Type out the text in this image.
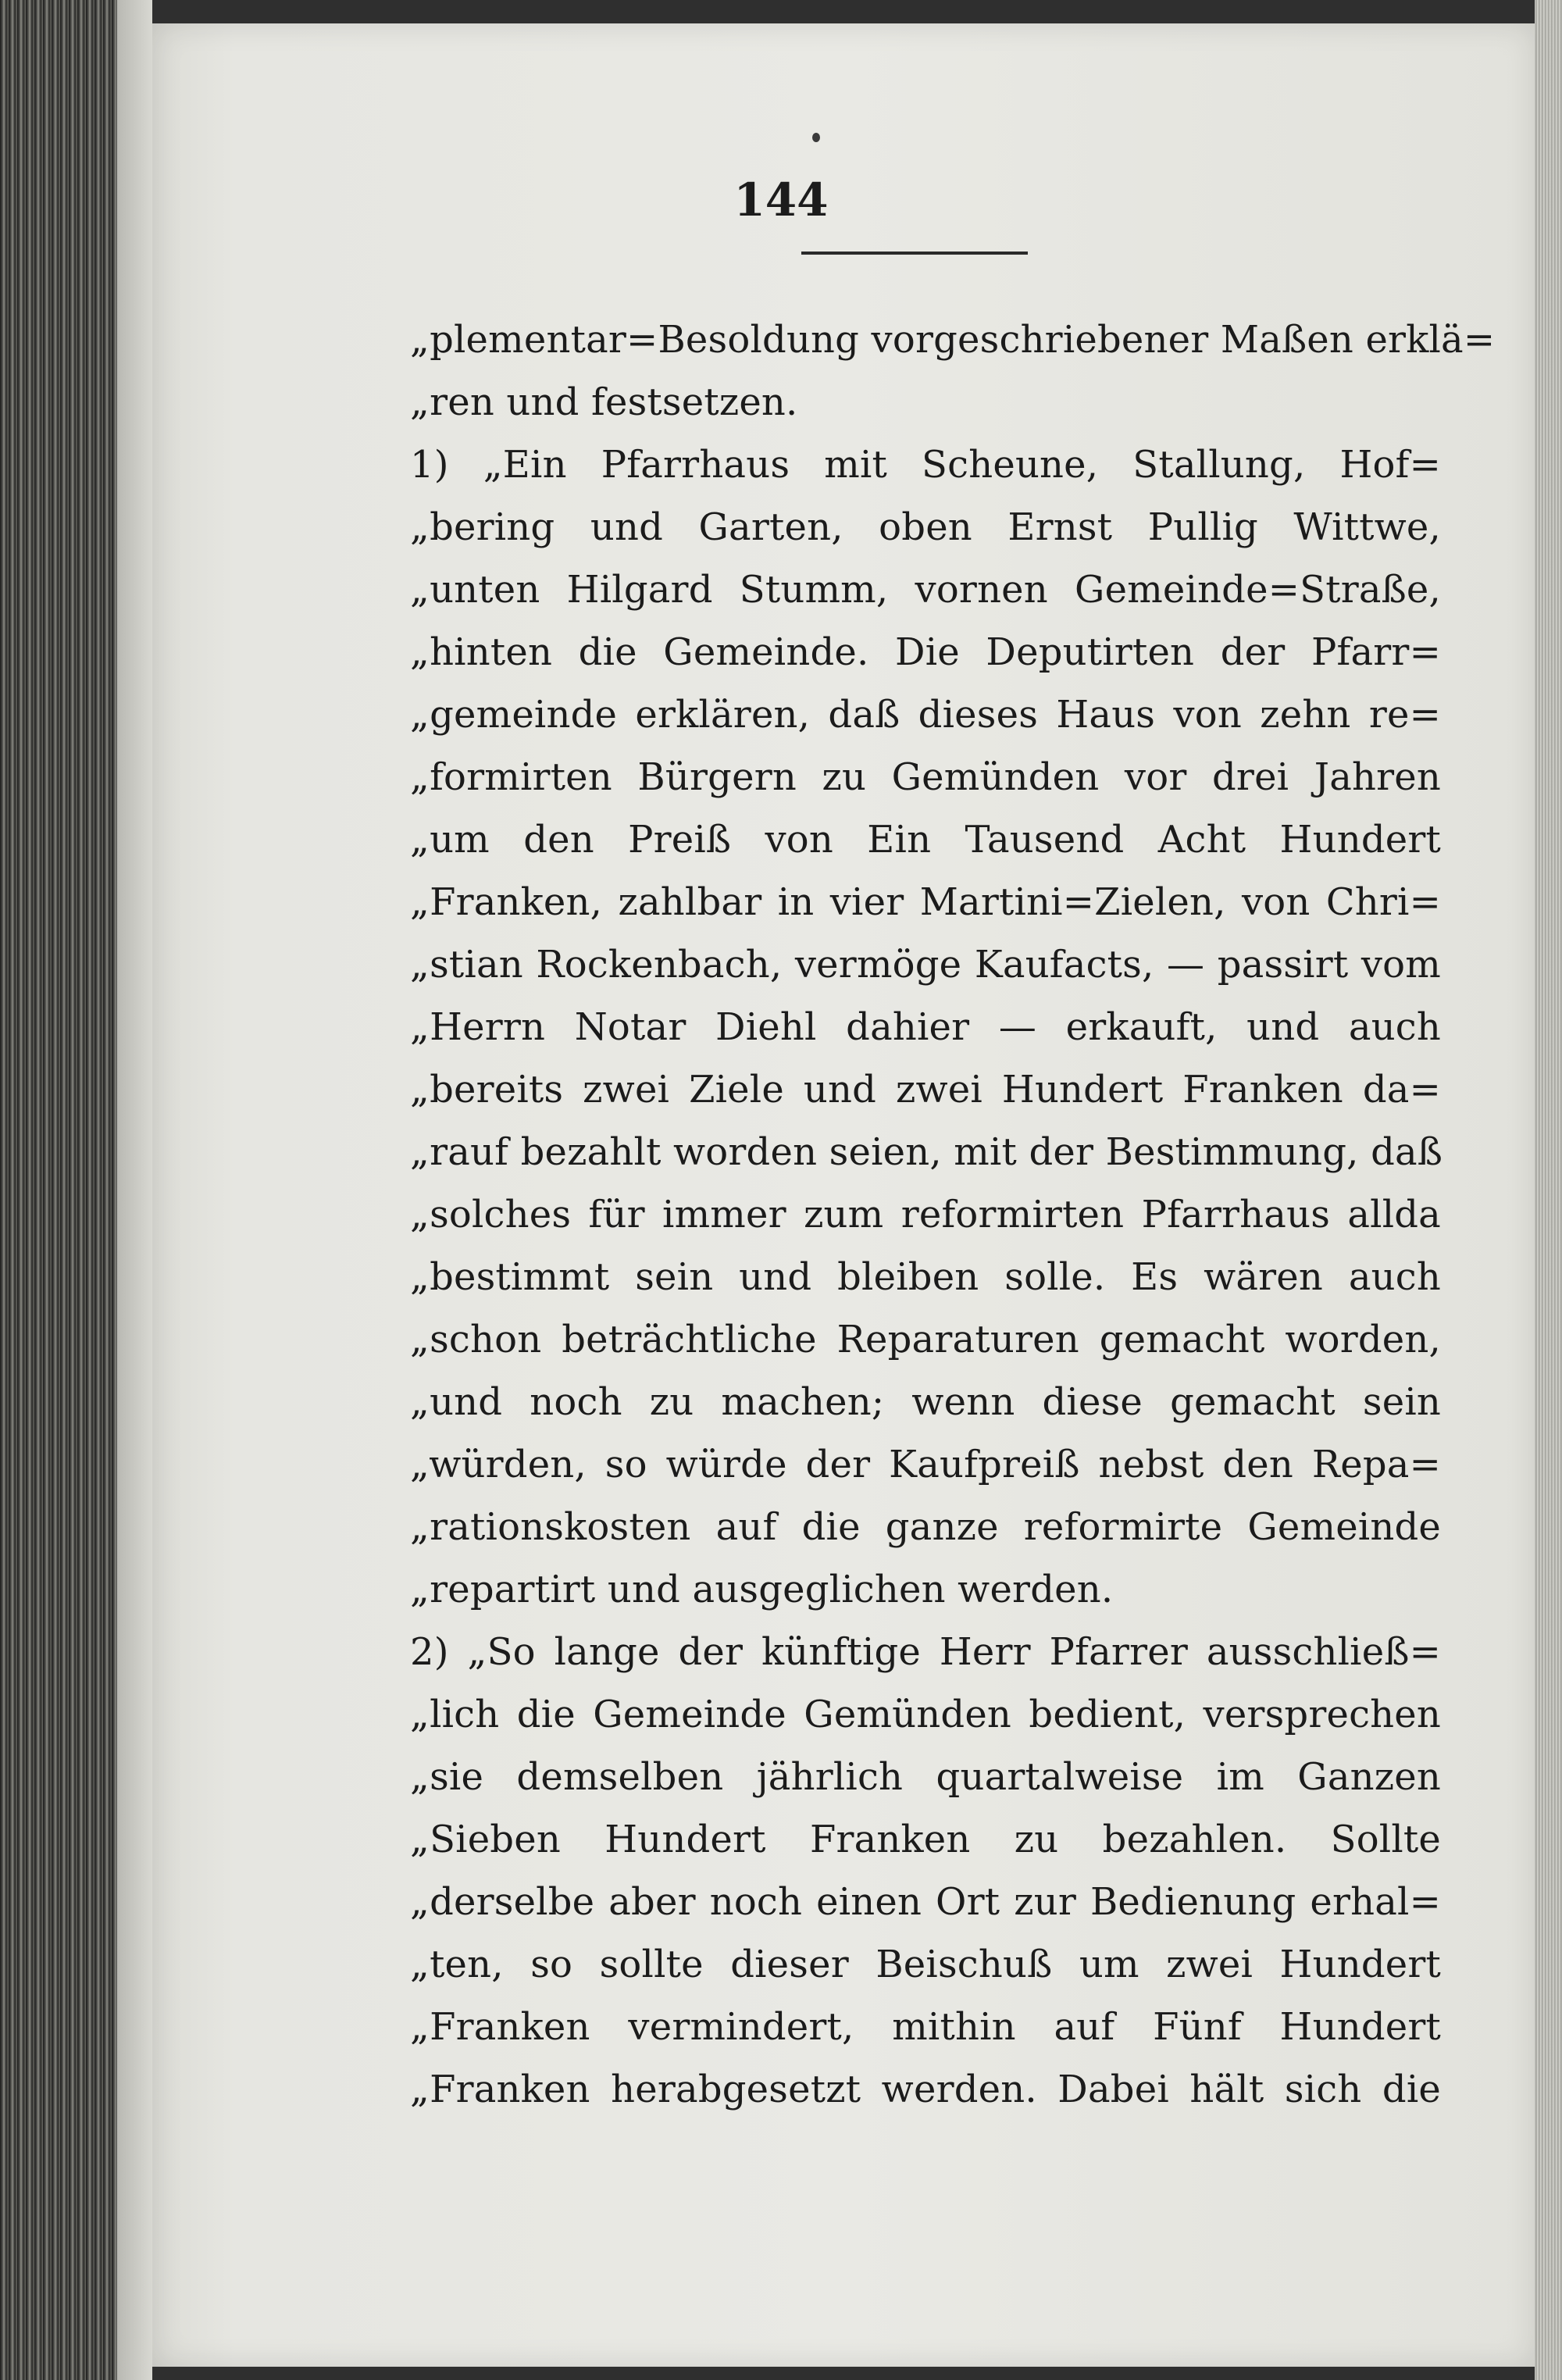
144
„plementar=Besoldung vorgeschriebener Maßen erklä=
„ren und festsetzen.
1) „Ein Pfarrhaus mit Scheune, Stallung, Hof=
„bering und Garten, oben Ernst Pullig Wittwe,
„unten Hilgard Stumm, vornen Gemeinde=Straße,
„hinten die Gemeinde. Die Deputirten der Pfarr=
„gemeinde erklären, daß dieses Haus von zehn re=
„formirten Bürgern zu Gemünden vor drei Jahren
„um den Preiß von Ein Tausend Acht Hundert
„Franken, zahlbar in vier Martini=Zielen, von Chri=
„stian Rockenbach, vermöge Kaufacts, — passirt vom
„Herrn Notar Diehl dahier — erkauft, und auch
„bereits zwei Ziele und zwei Hundert Franken da=
„rauf bezahlt worden seien, mit der Bestimmung, daß
„solches für immer zum reformirten Pfarrhaus allda
„bestimmt sein und bleiben solle. Es wären auch
„schon beträchtliche Reparaturen gemacht worden,
„und noch zu machen; wenn diese gemacht sein
„würden, so würde der Kaufpreiß nebst den Repa=
„rationskosten auf die ganze reformirte Gemeinde
„repartirt und ausgeglichen werden.
2) „So lange der künftige Herr Pfarrer ausschließ=
„lich die Gemeinde Gemünden bedient, versprechen
„sie demselben jährlich quartalweise im Ganzen
„Sieben Hundert Franken zu bezahlen. Sollte
„derselbe aber noch einen Ort zur Bedienung erhal=
„ten, so sollte dieser Beischuß um zwei Hundert
„Franken vermindert, mithin auf Fünf Hundert
„Franken herabgesetzt werden. Dabei hält sich die
